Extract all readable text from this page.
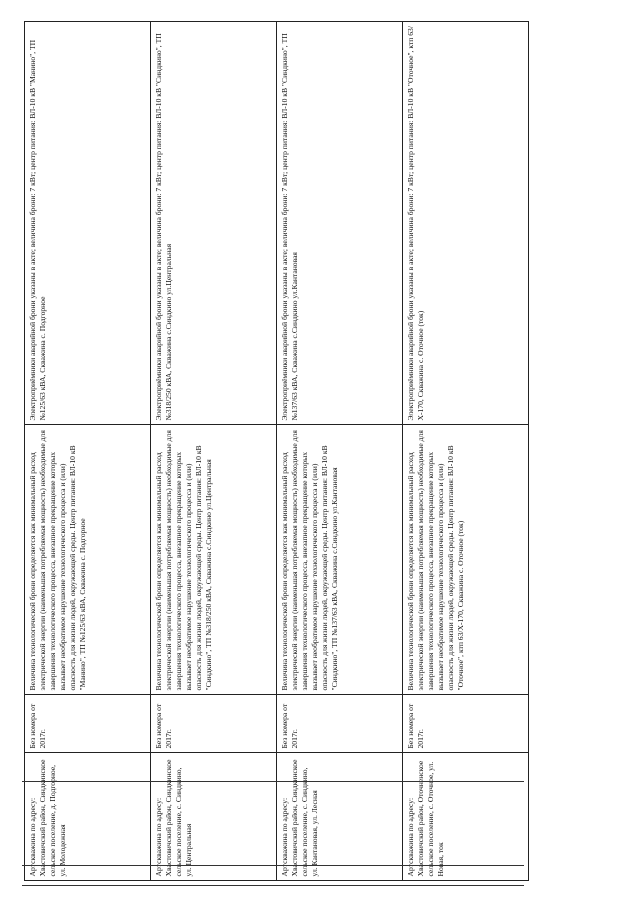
		Артскважина по адресу: Хвастовичский район, Синдкинское сельское поселение, д. Подгорное, ул. Молодежная	Без номера от 2017г.	Величина технологической брони определяется как минимальный расход электрической энергии (наименьшая потребляемая мощность) необходимые для завершения технологического процесса, внезапное прекращение которых вызывает необратимое нарушение технологического процесса и (или) опасность для жизни людей, окружающей среды. Центр питания: ВЛ-10 кВ "Манино", ТП №125/63 кВА, Скважина с. Подгорное	Электроприёмники аварийной брони указаны в акте; величина брони: 7 кВт; центр питания: ВЛ-10 кВ "Манино", ТП №125/63 кВА, Скважина с. Подгорное
		Артскважина по адресу: Хвастовичский район, Синдкинское сельское поселение, с. Синдкино, ул. Центральная	Без номера от 2017г.	Величина технологической брони определяется как минимальный расход электрической энергии (наименьшая потребляемая мощность) необходимые для завершения технологического процесса, внезапное прекращение которых вызывает необратимое нарушение технологического процесса и (или) опасность для жизни людей, окружающей среды. Центр питания: ВЛ-10 кВ "Синдкино", ТП №318/250 кВА, Скважина с.Синдкино ул.Центральная	Электроприёмники аварийной брони указаны в акте; величина брони: 7 кВт; центр питания: ВЛ-10 кВ "Синдкино", ТП №318/250 кВА, Скважина с.Синдкино ул.Центральная
		Артскважина по адресу: Хвастовичский район, Синдкинское сельское поселение, с. Синдкино, ул. Кантановая, ул. Лесная	Без номера от 2017г.	Величина технологической брони определяется как минимальный расход электрической энергии (наименьшая потребляемая мощность) необходимые для завершения технологического процесса, внезапное прекращение которых вызывает необратимое нарушение технологического процесса и (или) опасность для жизни людей, окружающей среды. Центр питания: ВЛ-10 кВ "Синдкино", ТП №137/63 кВА, Скважина с.Синдкино ул.Кантановая	Электроприёмники аварийной брони указаны в акте; величина брони: 7 кВт; центр питания: ВЛ-10 кВ "Синдкино", ТП №137/63 кВА, Скважина с.Синдкино ул.Кантановая
		Артскважина по адресу: Хвастовичский район, Оточненское сельское поселение, с. Оточное, ул. Новая, ток	Без номера от 2017г.	Величина технологической брони определяется как минимальный расход электрической энергии (наименьшая потребляемая мощность) необходимые для завершения технологического процесса, внезапное прекращение которых вызывает необратимое нарушение технологического процесса и (или) опасность для жизни людей, окружающей среды. Центр питания: ВЛ-10 кВ "Оточное", ктп 63/Х-170, Скважина с. Оточное (ток)	Электроприёмники аварийной брони указаны в акте; величина брони: 7 кВт; центр питания: ВЛ-10 кВ "Оточное", ктп 63/Х-170, Скважина с. Оточное (ток)
